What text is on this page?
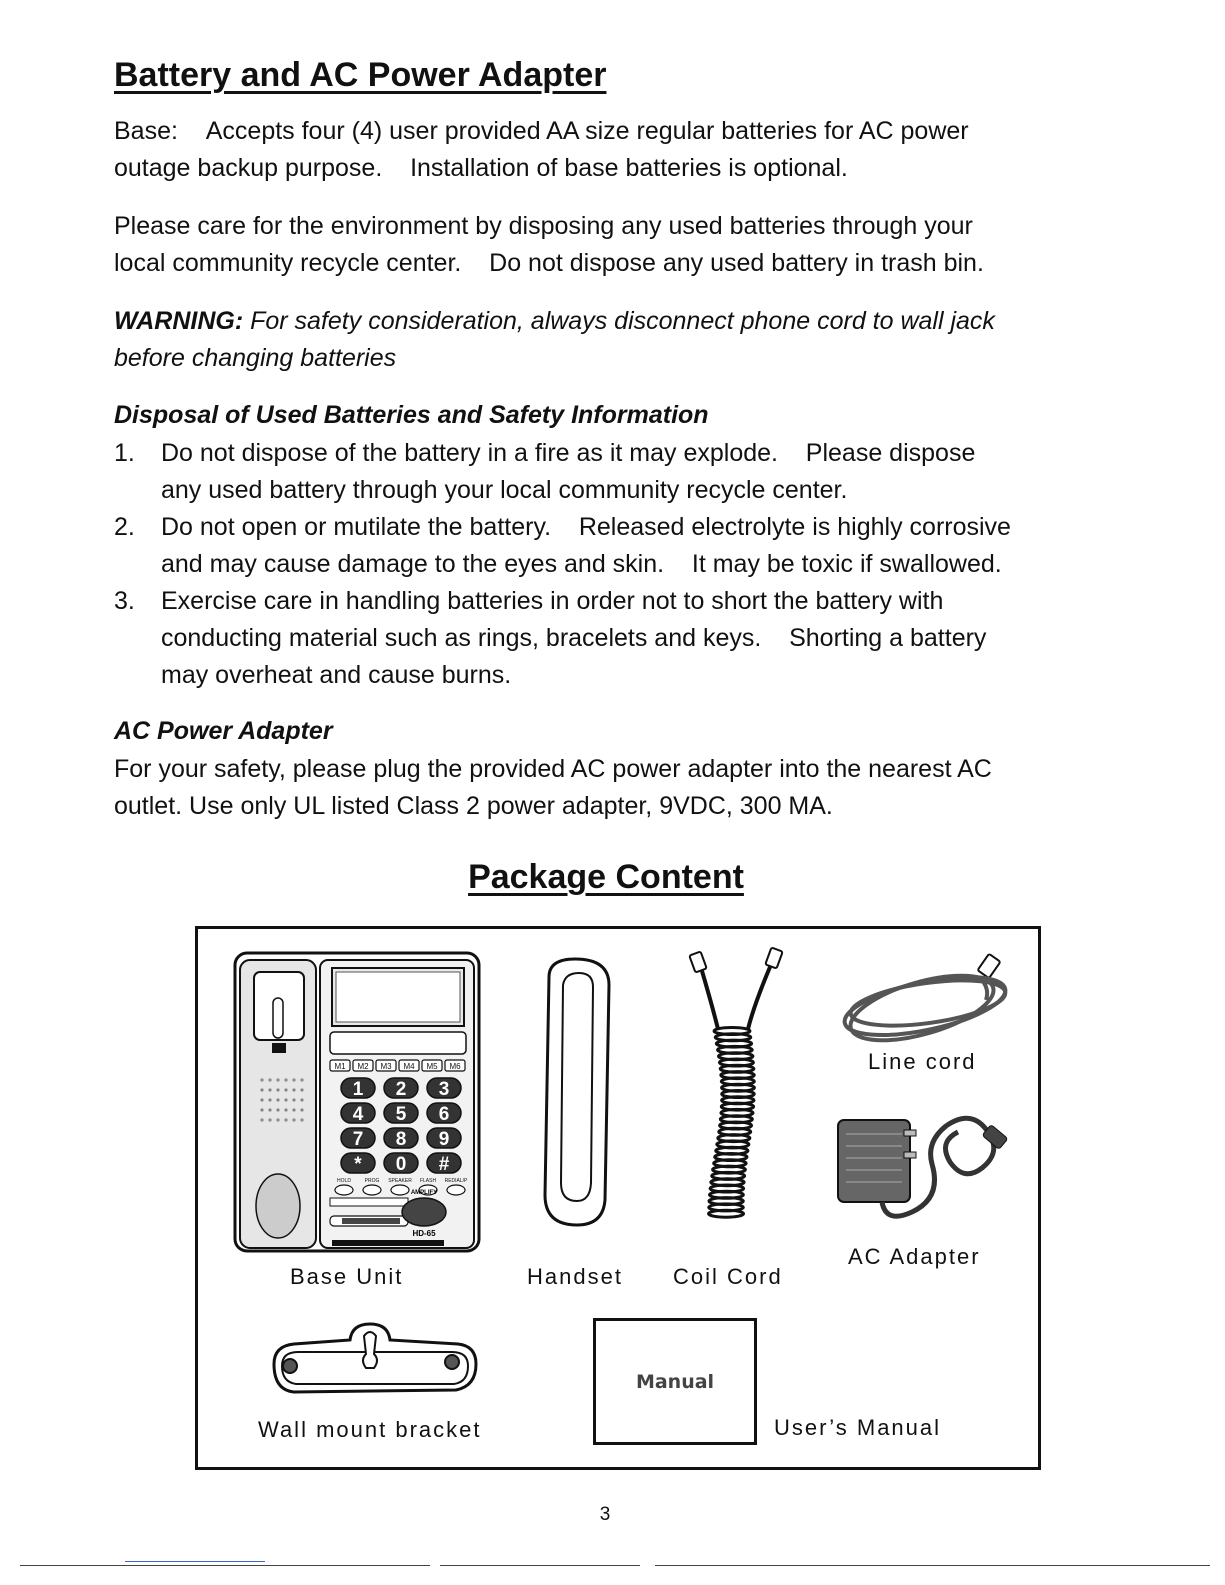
Battery and AC Power Adapter
Base: Accepts four (4) user provided AA size regular batteries for AC power
outage backup purpose. Installation of base batteries is optional.
Please care for the environment by disposing any used batteries through your
local community recycle center. Do not dispose any used battery in trash bin.
WARNING: For safety consideration, always disconnect phone cord to wall jack
before changing batteries
Disposal of Used Batteries and Safety Information
1. Do not dispose of the battery in a fire as it may explode.    Please dispose
any used battery through your local community recycle center.
2. Do not open or mutilate the battery.    Released electrolyte is highly corrosive
and may cause damage to the eyes and skin.    It may be toxic if swallowed.
3. Exercise care in handling batteries in order not to short the battery with
conducting material such as rings, bracelets and keys.    Shorting a battery
may overheat and cause burns.
AC Power Adapter
For your safety, please plug the provided AC power adapter into the nearest AC
outlet. Use only UL listed Class 2 power adapter, 9VDC, 300 MA.
Package Content
M1 M2 M3 M4 M5 M6
1 2 3
4 5 6
7 8 9
* 0 #
HOLD	PROG SPEAKER FLASH REDIAL/P
AMPLIFY
HD-65
Manual
Base Unit	Handset Coil Cord
Line cord
AC Adapter
Wall mount bracket	User’s Manual
3
